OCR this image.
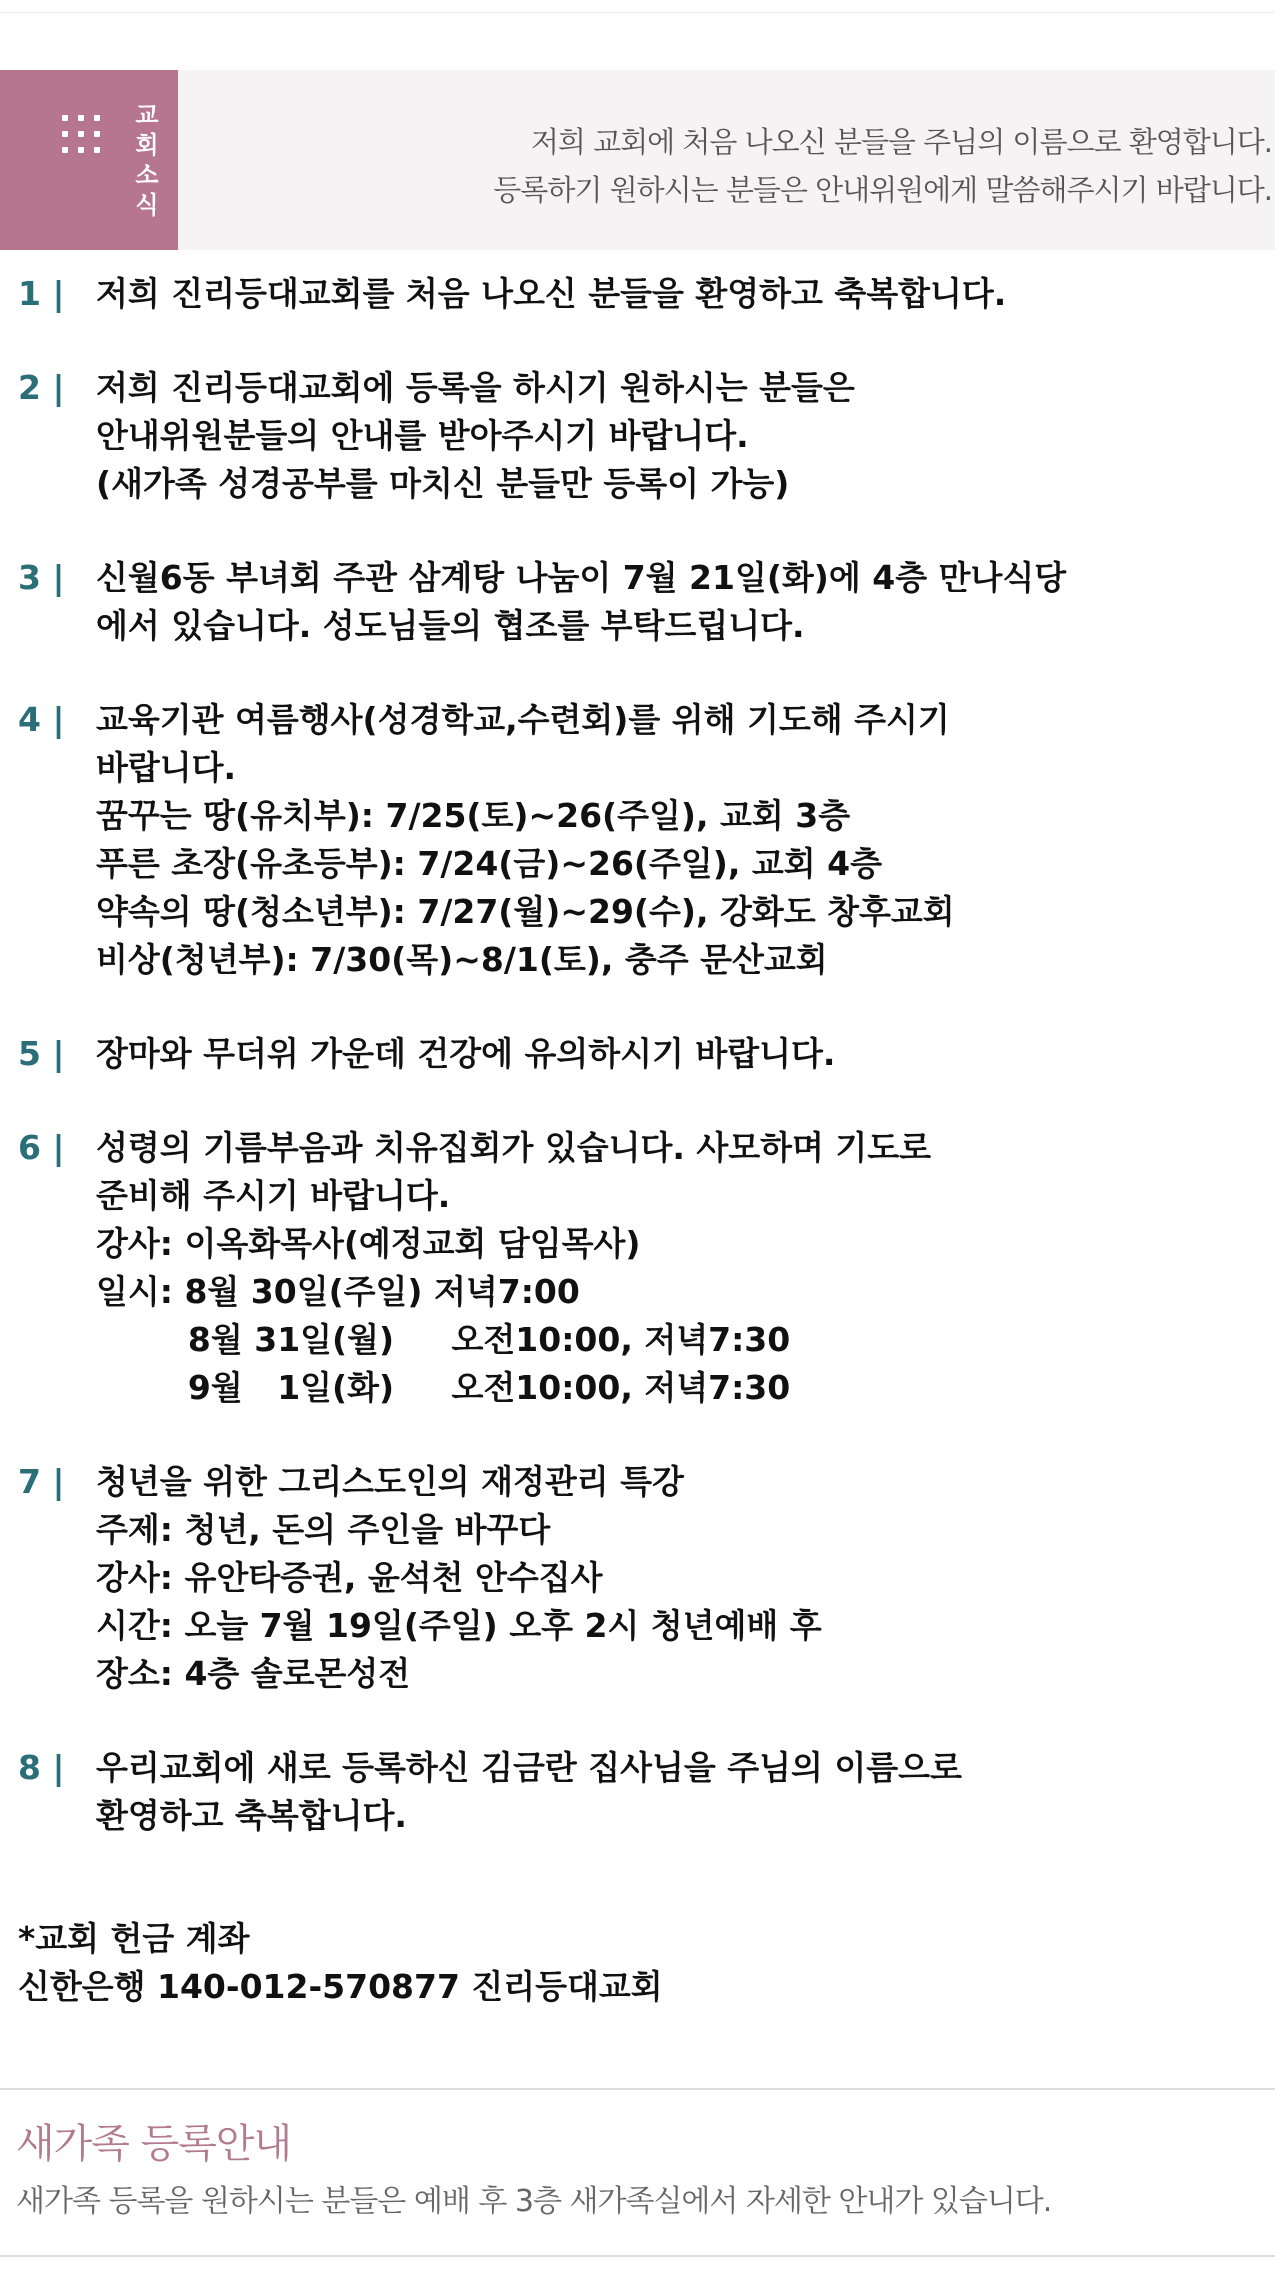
교회소식
저희 교회에 처음 나오신 분들을 주님의 이름으로 환영합니다.
등록하기 원하시는 분들은 안내위원에게 말씀해주시기 바랍니다.
1 | 저희 진리등대교회를 처음 나오신 분들을 환영하고 축복합니다.
2 | 저희 진리등대교회에 등록을 하시기 원하시는 분들은
안내위원분들의 안내를 받아주시기 바랍니다.
(새가족 성경공부를 마치신 분들만 등록이 가능)
3 | 신월6동 부녀회 주관 삼계탕 나눔이 7월 21일(화)에 4층 만나식당
에서 있습니다. 성도님들의 협조를 부탁드립니다.
4 | 교육기관 여름행사(성경학교,수련회)를 위해 기도해 주시기
바랍니다.
꿈꾸는 땅(유치부): 7/25(토)~26(주일), 교회 3층
푸른 초장(유초등부): 7/24(금)~26(주일), 교회 4층
약속의 땅(청소년부): 7/27(월)~29(수), 강화도 창후교회
비상(청년부): 7/30(목)~8/1(토), 충주 문산교회
5 | 장마와 무더위 가운데 건강에 유의하시기 바랍니다.
6 | 성령의 기름부음과 치유집회가 있습니다. 사모하며 기도로
준비해 주시기 바랍니다.
강사: 이옥화목사(예정교회 담임목사)
일시: 8월 30일(주일) 저녁7:00
8월 31일(월)     오전10:00, 저녁7:30
9월   1일(화)     오전10:00, 저녁7:30
7 | 청년을 위한 그리스도인의 재정관리 특강
주제: 청년, 돈의 주인을 바꾸다
강사: 유안타증권, 윤석천 안수집사
시간: 오늘 7월 19일(주일) 오후 2시 청년예배 후
장소: 4층 솔로몬성전
8 | 우리교회에 새로 등록하신 김금란 집사님을 주님의 이름으로
환영하고 축복합니다.
*교회 헌금 계좌
신한은행 140-012-570877 진리등대교회
새가족 등록안내
새가족 등록을 원하시는 분들은 예배 후 3층 새가족실에서 자세한 안내가 있습니다.
